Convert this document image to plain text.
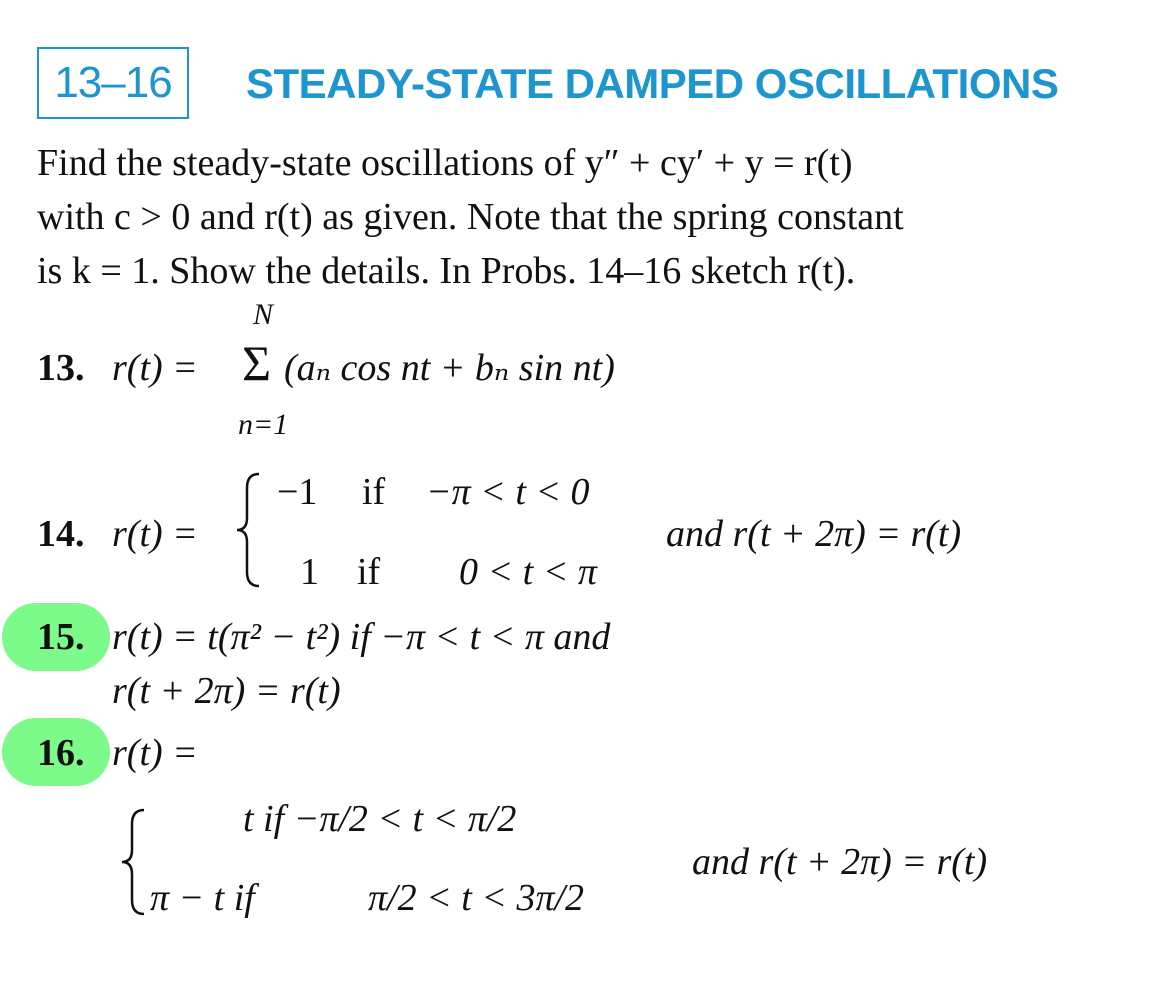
13–16 STEADY-STATE DAMPED OSCILLATIONS
Find the steady-state oscillations of y″ + cy′ + y = r(t)
with c > 0 and r(t) as given. Note that the spring constant
is k = 1. Show the details. In Probs. 14–16 sketch r(t).
13. r(t) =
N
Σ (aₙ cos nt + bₙ sin nt)
n=1
14. r(t) =
−1 if −π < t < 0
1 if 0 < t < π
and r(t + 2π) = r(t)
15. r(t) = t(π² − t²) if −π < t < π and
r(t + 2π) = r(t)
16. r(t) =
t if −π/2 < t < π/2
π − t if	π/2 < t < 3π/2
and r(t + 2π) = r(t)
